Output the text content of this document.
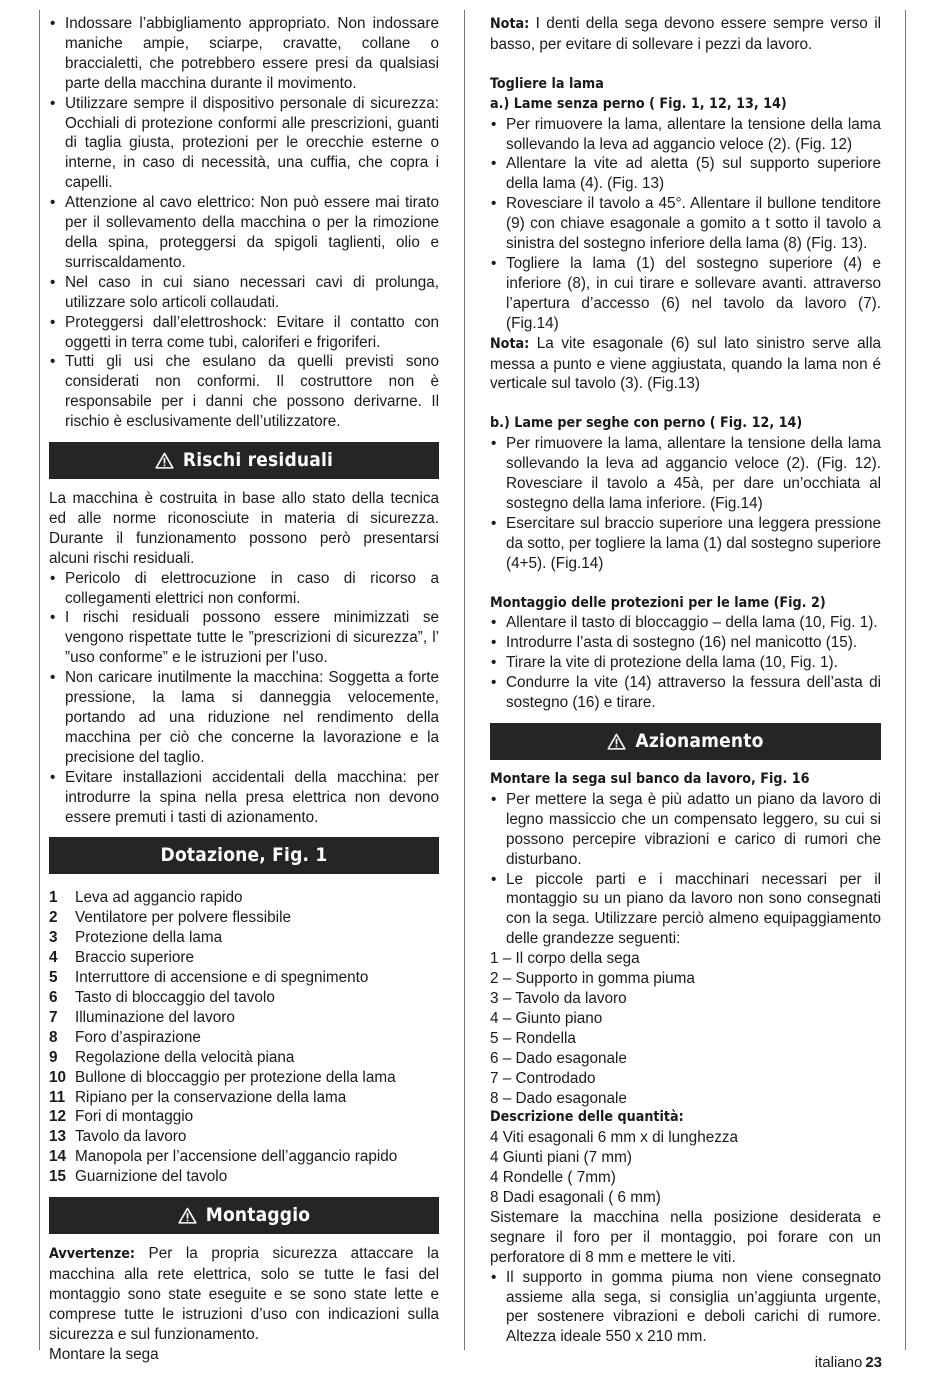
• Indossare l’abbigliamento appropriato. Non indossare maniche ampie, sciarpe, cravatte, collane o braccialetti, che potrebbero essere presi da qualsiasi parte della macchina durante il movimento.
• Utilizzare sempre il dispositivo personale di sicurezza: Occhiali di protezione conformi alle prescrizioni, guanti di taglia giusta, protezioni per le orecchie esterne o interne, in caso di necessità, una cuffia, che copra i capelli.
• Attenzione al cavo elettrico: Non può essere mai tirato per il sollevamento della macchina o per la rimozione della spina, proteggersi da spigoli taglienti, olio e surriscaldamento.
• Nel caso in cui siano necessari cavi di prolunga, utilizzare solo articoli collaudati.
• Proteggersi dall’elettroshock: Evitare il contatto con oggetti in terra come tubi, caloriferi e frigoriferi.
• Tutti gli usi che esulano da quelli previsti sono considerati non conformi. Il costruttore non è responsabile per i danni che possono derivarne. Il rischio è esclusivamente dell’utilizzatore.
Rischi residuali

La macchina è costruita in base allo stato della tecnica ed alle norme riconosciute in materia di sicurezza. Durante il funzionamento possono però presentarsi alcuni rischi residuali.

• Pericolo di elettrocuzione in caso di ricorso a collegamenti elettrici non conformi.
• I rischi residuali possono essere minimizzati se vengono rispettate tutte le ”prescrizioni di sicurezza”, l’ ”uso conforme” e le istruzioni per l’uso.
• Non caricare inutilmente la macchina: Soggetta a forte pressione, la lama si danneggia velocemente, portando ad una riduzione nel rendimento della macchina per ciò che concerne la lavorazione e la precisione del taglio.
• Evitare installazioni accidentali della macchina: per introdurre la spina nella presa elettrica non devono essere premuti i tasti di azionamento.
Dotazione, Fig. 1
1	Leva ad aggancio rapido
2	Ventilatore per polvere flessibile
3	Protezione della lama
4	Braccio superiore
5	Interruttore di accensione e di spegnimento
6	Tasto di bloccaggio del tavolo
7	Illuminazione del lavoro
8	Foro d’aspirazione
9	Regolazione della velocità piana
10 Bullone di bloccaggio per protezione della lama
11 Ripiano per la conservazione della lama
12 Fori di montaggio
13 Tavolo da lavoro
14 Manopola per l’accensione dell’aggancio rapido
15 Guarnizione del tavolo
Montaggio

Avvertenze: Per la propria sicurezza attaccare la macchina alla rete elettrica, solo se tutte le fasi del montaggio sono state eseguite e se sono state lette e comprese tutte le istruzioni d’uso con indicazioni sulla sicurezza e sul funzionamento.

Montare la sega

Nota: I denti della sega devono essere sempre verso il basso, per evitare di sollevare i pezzi da lavoro.

Togliere la lama

a.) Lame senza perno ( Fig. 1, 12, 13, 14)

• Per rimuovere la lama, allentare la tensione della lama sollevando la leva ad aggancio veloce (2). (Fig. 12)
• Allentare la vite ad aletta (5) sul supporto superiore della lama (4). (Fig. 13)
• Rovesciare il tavolo a 45°. Allentare il bullone tenditore (9) con chiave esagonale a gomito a t sotto il tavolo a sinistra del sostegno inferiore della lama (8) (Fig. 13).
• Togliere la lama (1) del sostegno superiore (4) e inferiore (8), in cui tirare e sollevare avanti. attraverso l’apertura d’accesso (6) nel tavolo da lavoro (7). (Fig.14)

Nota: La vite esagonale (6) sul lato sinistro serve alla messa a punto e viene aggiustata, quando la lama non é verticale sul tavolo (3). (Fig.13)

b.) Lame per seghe con perno ( Fig. 12, 14)

• Per rimuovere la lama, allentare la tensione della lama sollevando la leva ad aggancio veloce (2). (Fig. 12). Rovesciare il tavolo a 45à, per dare un’occhiata al sostegno della lama inferiore. (Fig.14)
• Esercitare sul braccio superiore una leggera pressione da sotto, per togliere la lama (1) dal sostegno superiore (4+5). (Fig.14)

Montaggio delle protezioni per le lame (Fig. 2)

• Allentare il tasto di bloccaggio – della lama (10, Fig. 1).
• Introdurre l’asta di sostegno (16) nel manicotto (15).
• Tirare la vite di protezione della lama (10, Fig. 1).
• Condurre la vite (14) attraverso la fessura dell’asta di sostegno (16) e tirare.
Azionamento

Montare la sega sul banco da lavoro, Fig. 16

• Per mettere la sega è più adatto un piano da lavoro di legno massiccio che un compensato leggero, su cui si possono percepire vibrazioni e carico di rumori che disturbano.
• Le piccole parti e i macchinari necessari per il montaggio su un piano da lavoro non sono consegnati con la sega. Utilizzare perciò almeno equipaggiamento delle grandezze seguenti:

1 – Il corpo della sega

2 – Supporto in gomma piuma

3 – Tavolo da lavoro

4 – Giunto piano

5 – Rondella

6 – Dado esagonale

7 – Controdado

8 – Dado esagonale

Descrizione delle quantità:

4 Viti esagonali 6 mm x di lunghezza

4 Giunti piani (7 mm)

4 Rondelle ( 7mm)

8 Dadi esagonali ( 6 mm)

Sistemare la macchina nella posizione desiderata e segnare il foro per il montaggio, poi forare con un perforatore di 8 mm e mettere le viti.

• Il supporto in gomma piuma non viene consegnato assieme alla sega, si consiglia un’aggiunta urgente, per sostenere vibrazioni e deboli carichi di rumore. Altezza ideale 550 x 210 mm.
italiano 23
